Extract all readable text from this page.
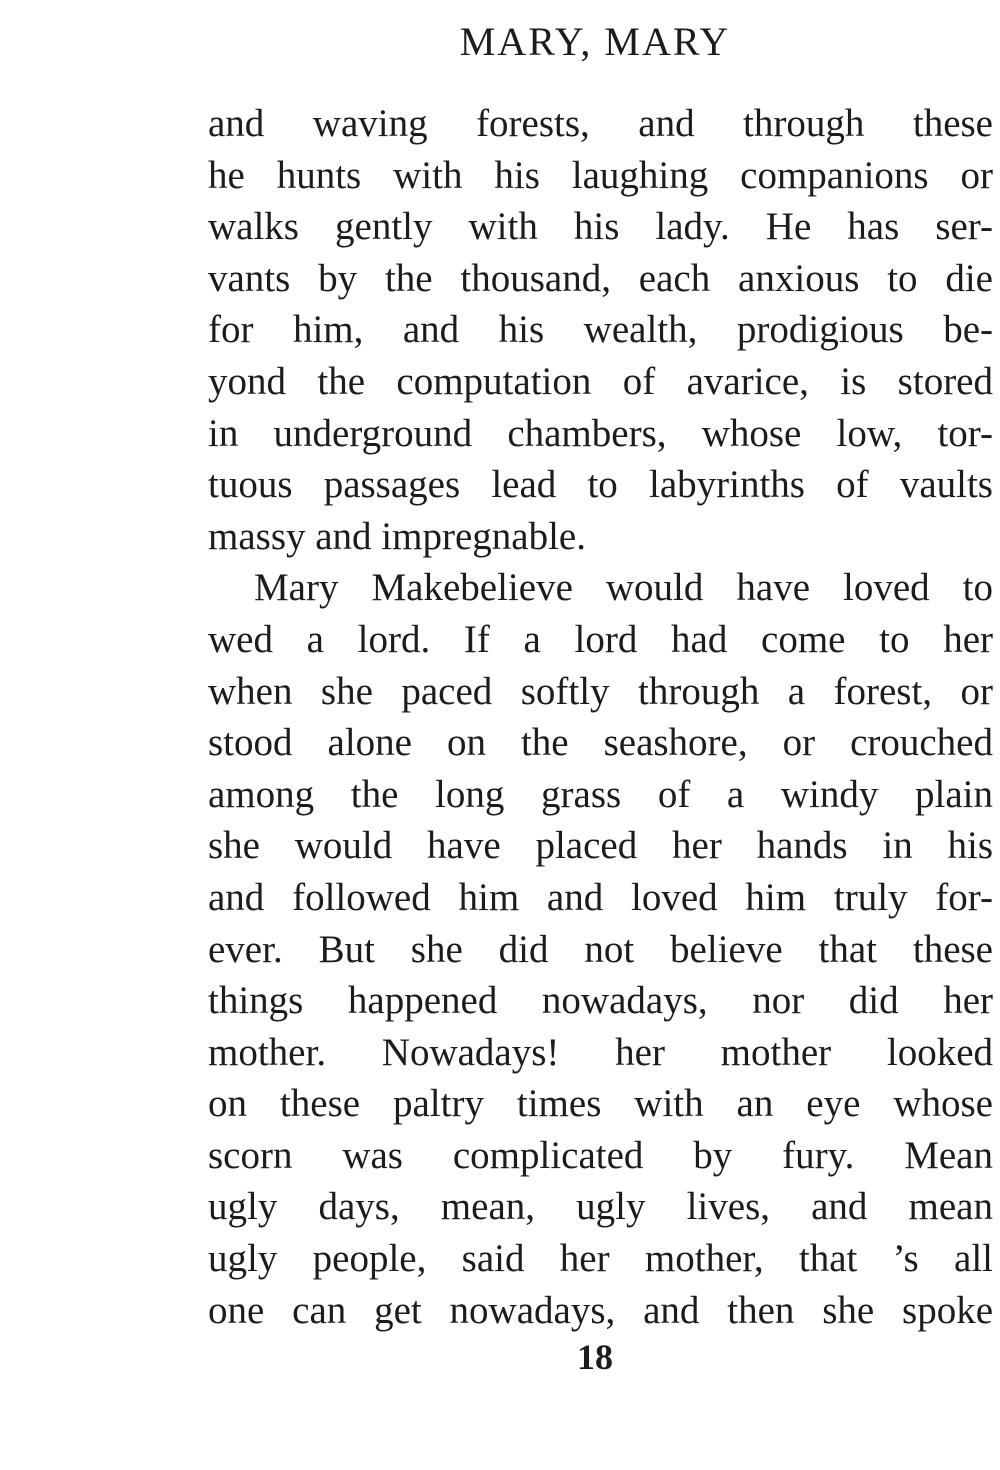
MARY, MARY
and waving forests, and through these
he hunts with his laughing companions or
walks gently with his lady. He has ser-
vants by the thousand, each anxious to die
for him, and his wealth, prodigious be-
yond the computation of avarice, is stored
in underground chambers, whose low, tor-
tuous passages lead to labyrinths of vaults
massy and impregnable.
Mary Makebelieve would have loved to
wed a lord. If a lord had come to her
when she paced softly through a forest, or
stood alone on the seashore, or crouched
among the long grass of a windy plain
she would have placed her hands in his
and followed him and loved him truly for-
ever. But she did not believe that these
things happened nowadays, nor did her
mother. Nowadays! her mother looked
on these paltry times with an eye whose
scorn was complicated by fury. Mean
ugly days, mean, ugly lives, and mean
ugly people, said her mother, that ’s all
one can get nowadays, and then she spoke
18
